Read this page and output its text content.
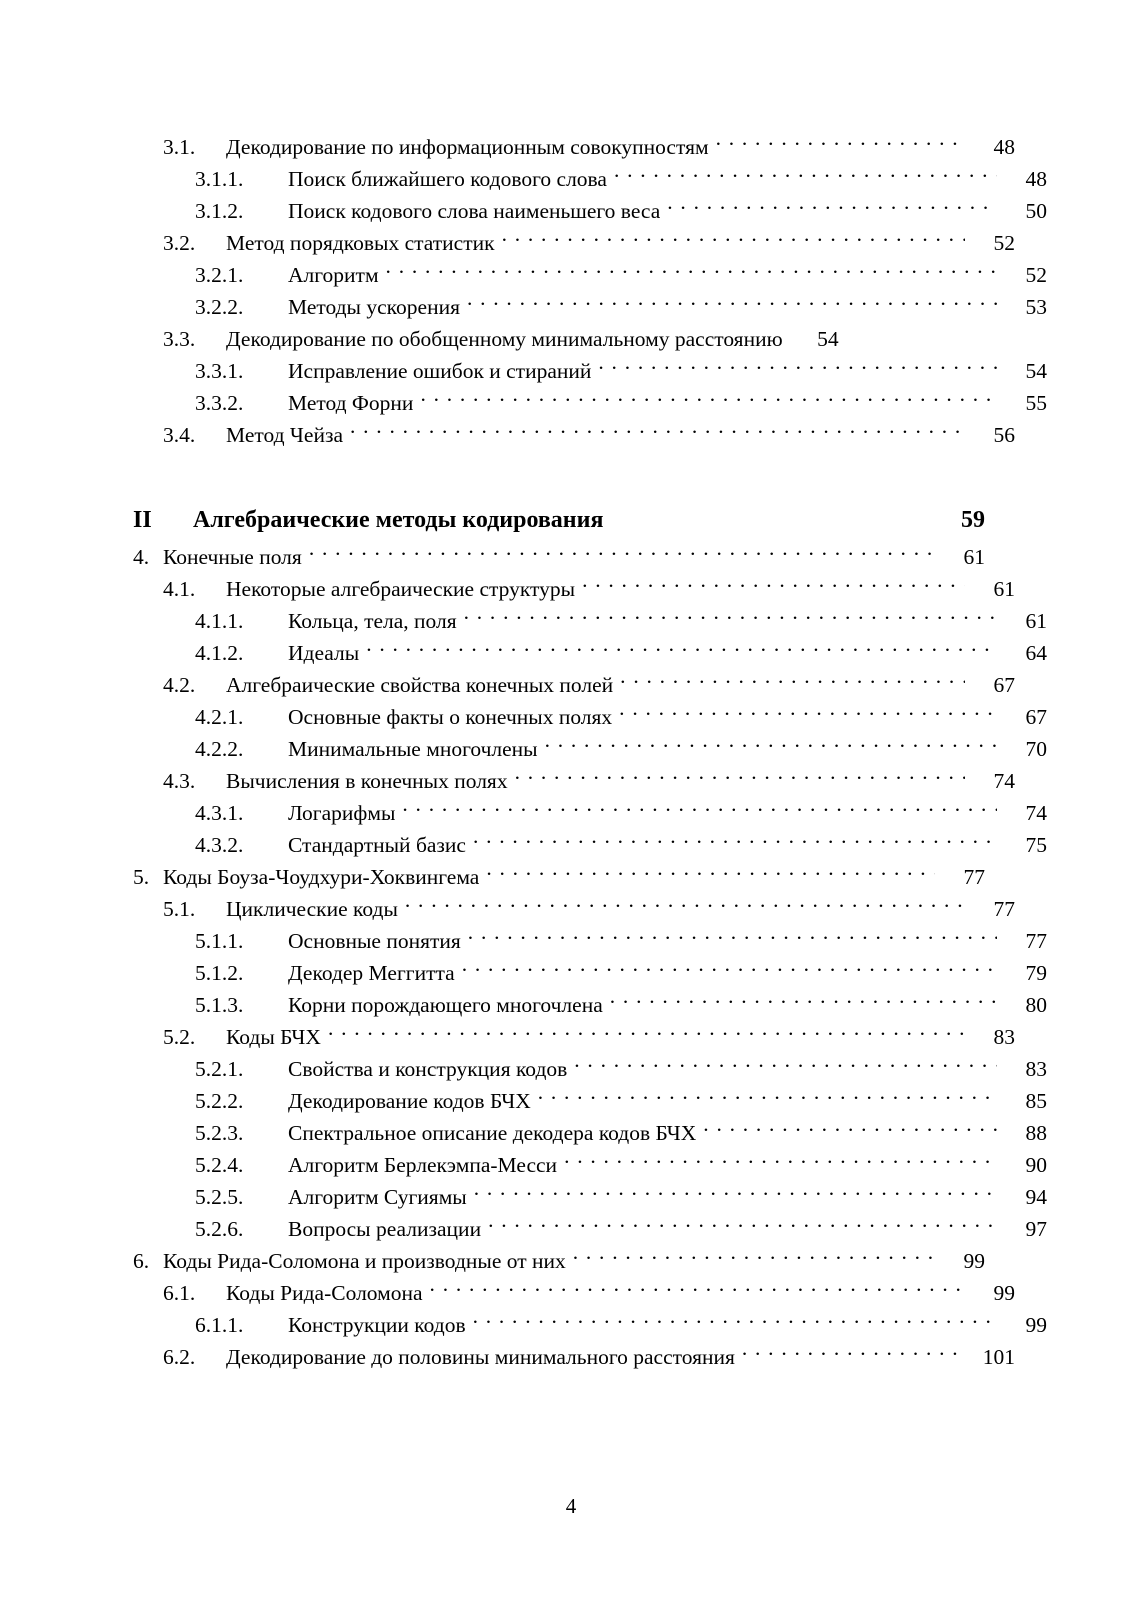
3.1.	Декодирование по информационным совокупностям . . .	48
3.1.1.	Поиск ближайшего кодового слова . . .	48
3.1.2.	Поиск кодового слова наименьшего веса . . .	50
3.2.	Метод порядковых статистик . . .	52
3.2.1.	Алгоритм . . .	52
3.2.2.	Методы ускорения . . .	53
3.3.	Декодирование по обобщенному минимальному расстоянию	54
3.3.1.	Исправление ошибок и стираний . . .	54
3.3.2.	Метод Форни . . .	55
3.4.	Метод Чейза . . .	56
II	Алгебраические методы кодирования	59
4. Конечные поля . . .	61
4.1.	Некоторые алгебраические структуры . . .	61
4.1.1.	Кольца, тела, поля . . .	61
4.1.2.	Идеалы . . .	64
4.2.	Алгебраические свойства конечных полей . . .	67
4.2.1.	Основные факты о конечных полях . . .	67
4.2.2.	Минимальные многочлены . . .	70
4.3.	Вычисления в конечных полях . . .	74
4.3.1.	Логарифмы . . .	74
4.3.2.	Стандартный базис . . .	75
5. Коды Боуза-Чоудхури-Хоквингема . . .	77
5.1.	Циклические коды . . .	77
5.1.1.	Основные понятия . . .	77
5.1.2.	Декодер Меггитта . . .	79
5.1.3.	Корни порождающего многочлена . . .	80
5.2.	Коды БЧХ . . .	83
5.2.1.	Свойства и конструкция кодов . . .	83
5.2.2.	Декодирование кодов БЧХ . . .	85
5.2.3.	Спектральное описание декодера кодов БЧХ . . .	88
5.2.4.	Алгоритм Берлекэмпа-Месси . . .	90
5.2.5.	Алгоритм Сугиямы . . .	94
5.2.6.	Вопросы реализации . . .	97
6. Коды Рида-Соломона и производные от них . . .	99
6.1.	Коды Рида-Соломона . . .	99
6.1.1.	Конструкции кодов . . .	99
6.2.	Декодирование до половины минимального расстояния . . .	101
4
